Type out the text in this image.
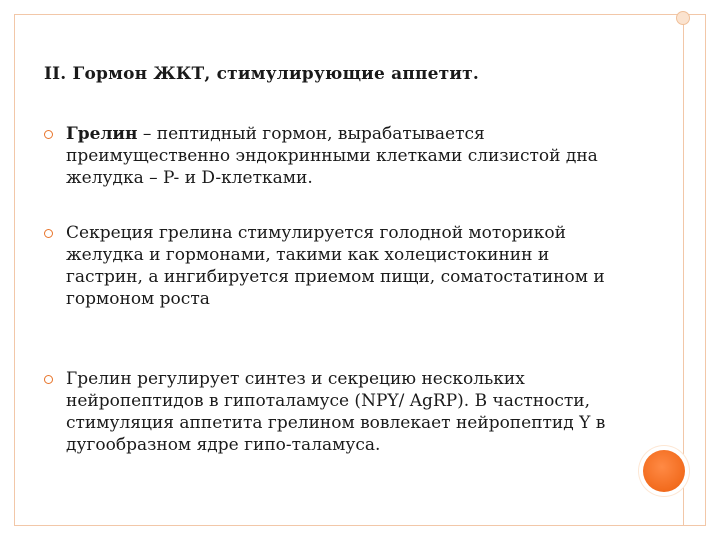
II. Гормон ЖКТ, стимулирующие аппетит.

Грелин – пептидный гормон, вырабатывается преимущественно эндокринными клетками слизистой дна желудка – P- и D-клетками.

Секреция грелина стимулируется голодной моторикой желудка и гормонами, такими как холецистокинин и гастрин, а ингибируется приемом пищи, соматостатином и гормоном роста

Грелин регулирует синтез и секрецию нескольких нейропептидов в гипоталамусе (NPY/ AgRP). В частности, стимуляция аппетита грелином вовлекает нейропептид Y в дугообразном ядре гипо-таламуса.
